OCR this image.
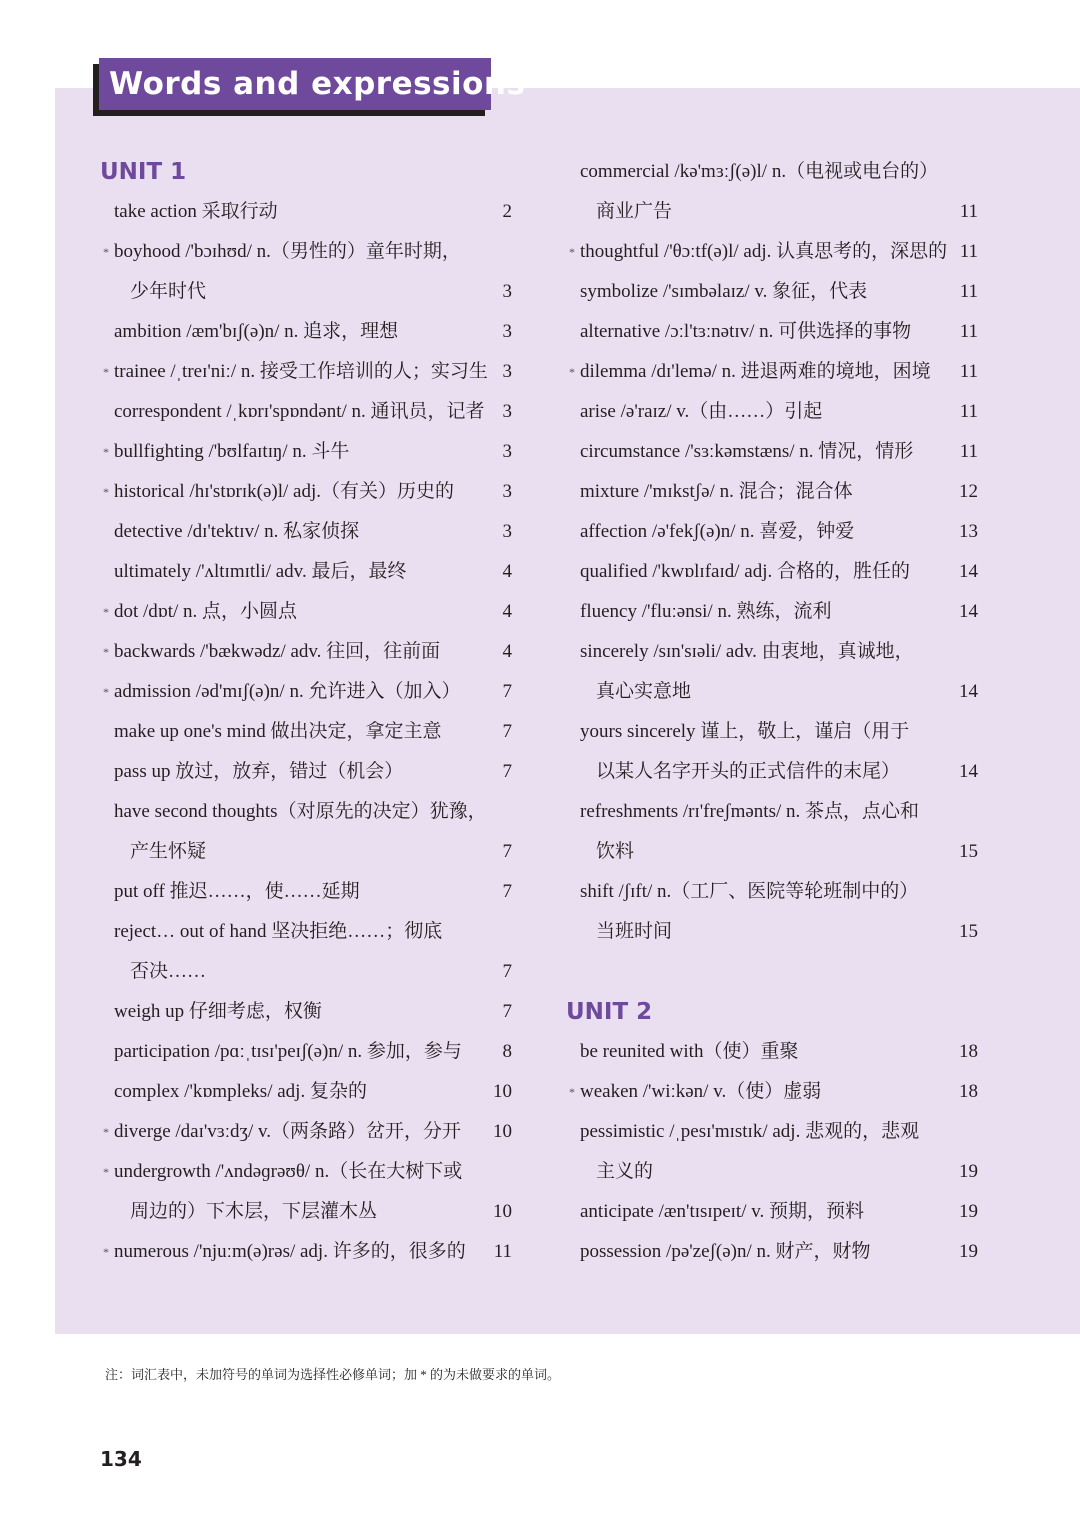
Words and expressions
UNIT 1
take action 采取行动	2
* boyhood /'bɔɪhʊd/ n.（男性的）童年时期，
少年时代	3
ambition /æm'bɪʃ(ə)n/ n. 追求，理想	3
* trainee /ˌtreɪ'niː/ n. 接受工作培训的人；实习生 3
correspondent /ˌkɒrɪ'spɒndənt/ n. 通讯员，记者 3
* bullfighting /'bʊlfaɪtɪŋ/ n. 斗牛	3
* historical /hɪ'stɒrɪk(ə)l/ adj.（有关）历史的	3
detective /dɪ'tektɪv/ n. 私家侦探	3
ultimately /'ʌltɪmɪtli/ adv. 最后，最终	4
* dot /dɒt/ n. 点，小圆点	4
* backwards /'bækwədz/ adv. 往回，往前面	4
* admission /əd'mɪʃ(ə)n/ n. 允许进入（加入）	7
make up one's mind 做出决定，拿定主意	7
pass up 放过，放弃，错过（机会）	7
have second thoughts（对原先的决定）犹豫，
产生怀疑	7
put off 推迟……，使……延期	7
reject… out of hand 坚决拒绝……；彻底
否决……	7
weigh up 仔细考虑，权衡	7
participation /pɑːˌtɪsɪ'peɪʃ(ə)n/ n. 参加，参与	8
complex /'kɒmpleks/ adj. 复杂的	10
* diverge /daɪ'vɜːdʒ/ v.（两条路）岔开，分开	10
* undergrowth /'ʌndəɡrəʊθ/ n.（长在大树下或
周边的）下木层，下层灌木丛	10
* numerous /'njuːm(ə)rəs/ adj. 许多的，很多的	11
commercial /kə'mɜːʃ(ə)l/ n.（电视或电台的）
商业广告	11
* thoughtful /'θɔːtf(ə)l/ adj. 认真思考的，深思的 11
symbolize /'sɪmbəlaɪz/ v. 象征，代表	11
alternative /ɔːl'tɜːnətɪv/ n. 可供选择的事物	11
* dilemma /dɪ'lemə/ n. 进退两难的境地，困境	11
arise /ə'raɪz/ v.（由……）引起	11
circumstance /'sɜːkəmstæns/ n. 情况，情形	11
mixture /'mɪkstʃə/ n. 混合；混合体	12
affection /ə'fekʃ(ə)n/ n. 喜爱，钟爱	13
qualified /'kwɒlɪfaɪd/ adj. 合格的，胜任的	14
fluency /'fluːənsi/ n. 熟练，流利	14
sincerely /sɪn'sɪəli/ adv. 由衷地，真诚地，
真心实意地	14
yours sincerely 谨上，敬上，谨启（用于
以某人名字开头的正式信件的末尾）	14
refreshments /rɪ'freʃmənts/ n. 茶点，点心和
饮料	15
shift /ʃɪft/ n.（工厂、医院等轮班制中的）
当班时间	15
UNIT 2
be reunited with（使）重聚	18
* weaken /'wiːkən/ v.（使）虚弱	18
pessimistic /ˌpesɪ'mɪstɪk/ adj. 悲观的，悲观
主义的	19
anticipate /æn'tɪsɪpeɪt/ v. 预期，预料	19
possession /pə'zeʃ(ə)n/ n. 财产，财物	19
注：词汇表中，未加符号的单词为选择性必修单词；加 * 的为未做要求的单词。
134
